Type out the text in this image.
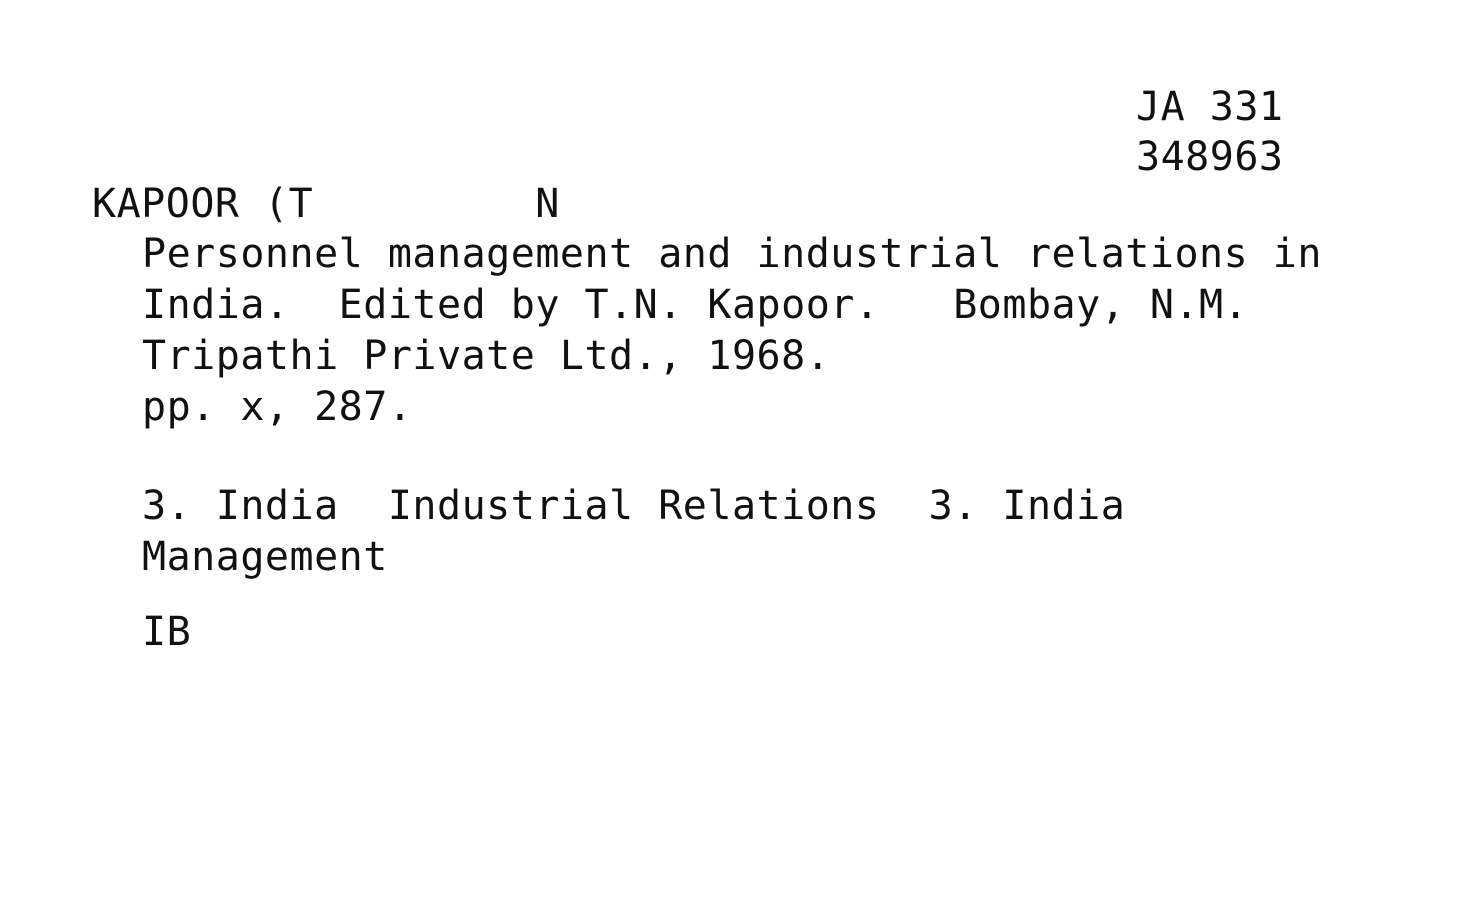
JA 331
348963
KAPOOR (T	N
Personnel management and industrial relations in
India.  Edited by T.N. Kapoor.   Bombay, N.M.
Tripathi Private Ltd., 1968.
pp. x, 287.
3. India  Industrial Relations  3. India
Management
IB
